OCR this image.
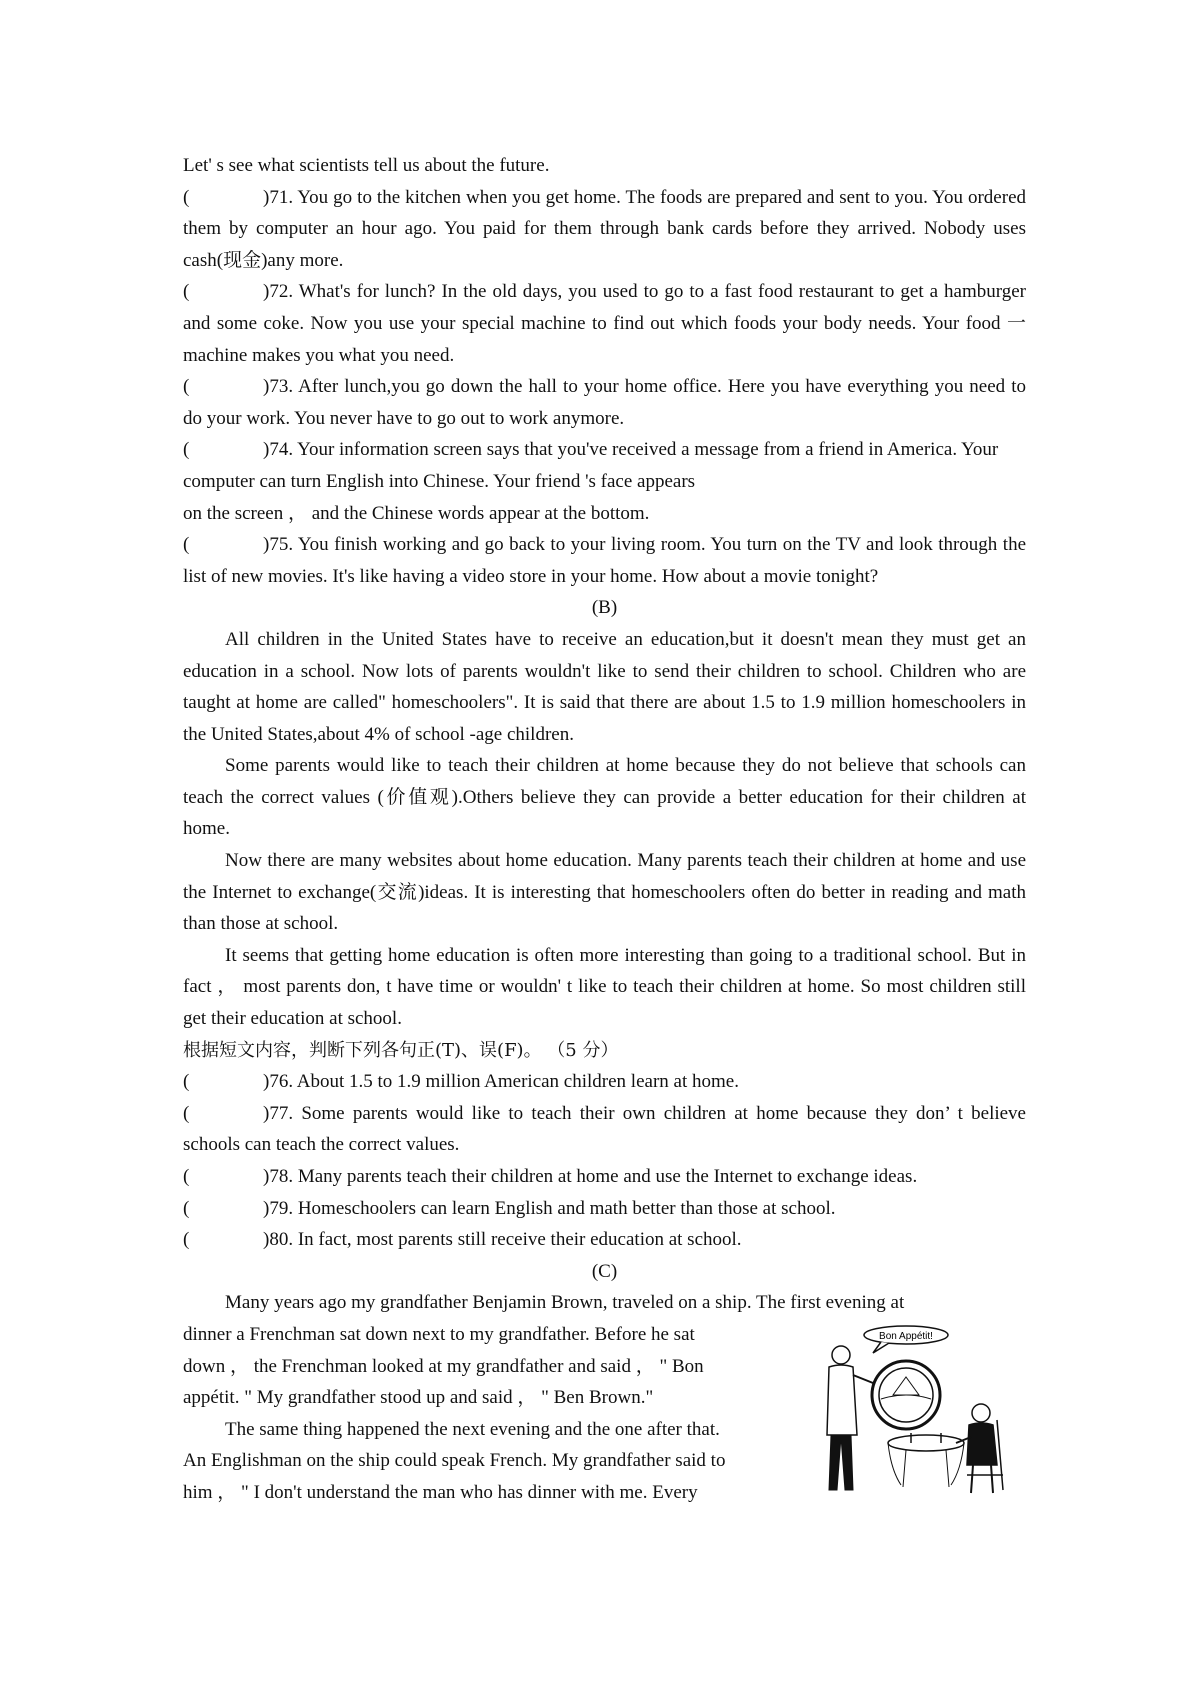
Let' s see what scientists tell us about the future.

(	)71. You go to the kitchen when you get home. The foods are prepared and sent to you. You ordered them by computer an hour ago. You paid for them through bank cards before they arrived. Nobody uses cash(现金)any more.
(	)72. What's for lunch? In the old days, you used to go to a fast food restaurant to get a hamburger and some coke. Now you use your special machine to find out which foods your body needs. Your food 一 machine makes you what you need.
(	)73. After lunch,you go down the hall to your home office. Here you have everything you need to do your work. You never have to go out to work anymore.
(	)74. Your information screen says that you've received a message from a friend in America. Your computer can turn English into Chinese. Your friend 's face appears

on the screen ， and the Chinese words appear at the bottom.

(	)75. You finish working and go back to your living room. You turn on the TV and look through the list of new movies. It's like having a video store in your home. How about a movie tonight?

(B)

All children in the United States have to receive an education,but it doesn't mean they must get an education in a school. Now lots of parents wouldn't like to send their children to school. Children who are taught at home are called" homeschoolers". It is said that there are about 1.5 to 1.9 million homeschoolers in the United States,about 4% of school -age children.

Some parents would like to teach their children at home because they do not believe that schools can teach the correct values (价值观).Others believe they can provide a better education for their children at home.

Now there are many websites about home education. Many parents teach their children at home and use the Internet to exchange(交流)ideas. It is interesting that homeschoolers often do better in reading and math than those at school.

It seems that getting home education is often more interesting than going to a traditional school. But in fact ， most parents don, t have time or wouldn' t like to teach their children at home. So most children still get their education at school.

根据短文内容，判断下列各句正(T)、误(F)。 （5 分）

(	)76. About 1.5 to 1.9 million American children learn at home.
(	)77. Some parents would like to teach their own children at home because they don’ t believe schools can teach the correct values.
(	)78. Many parents teach their children at home and use the Internet to exchange ideas.
(	)79. Homeschoolers can learn English and math better than those at school.
(	)80. In fact, most parents still receive their education at school.

(C)

Many years ago my grandfather Benjamin Brown, traveled on a ship. The first evening at

dinner a Frenchman sat down next to my grandfather. Before he sat
down ， the Frenchman looked at my grandfather and said ， " Bon
appétit. " My grandfather stood up and said ， " Ben Brown."
The same thing happened the next evening and the one after that.
An Englishman on the ship could speak French. My grandfather said to
him ， " I don't understand the man who has dinner with me. Every
Bon Appétit!
